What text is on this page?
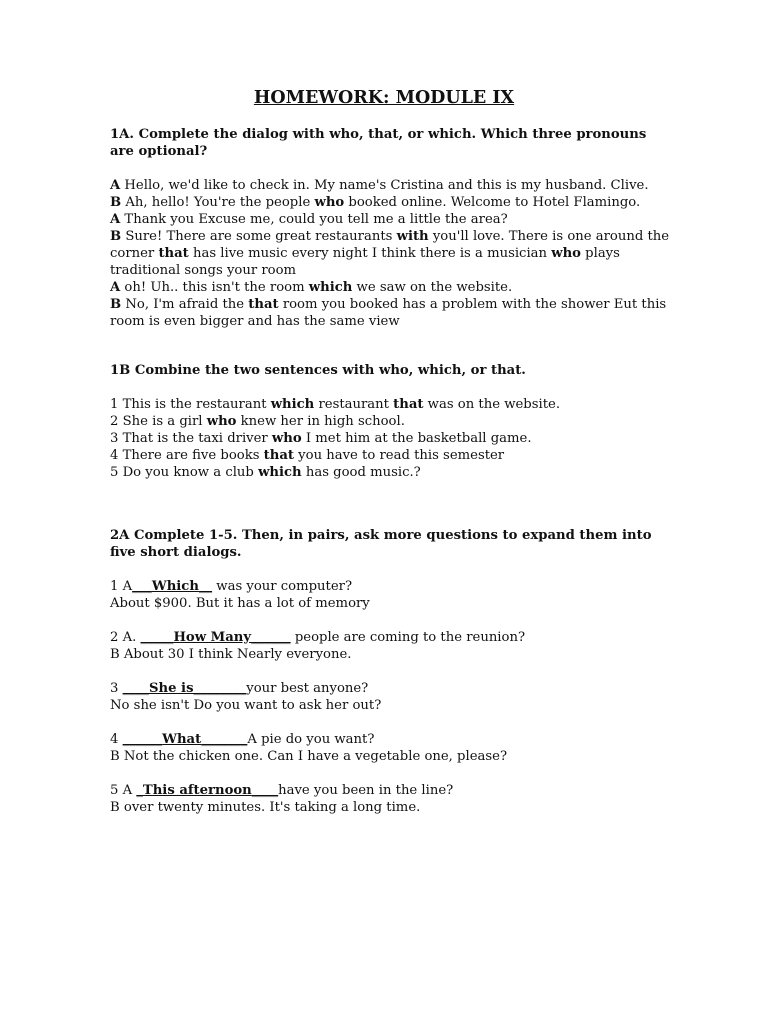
HOMEWORK: MODULE IX

1A. Complete the dialog with who, that, or which. Which three pronouns are optional?

A Hello, we'd like to check in. My name's Cristina and this is my husband. Clive.

B Ah, hello! You're the people who booked online. Welcome to Hotel Flamingo.

A Thank you Excuse me, could you tell me a little the area?

B Sure! There are some great restaurants with you'll love. There is one around the

corner that has live music every night I think there is a musician who plays

traditional songs your room

A oh! Uh.. this isn't the room which we saw on the website.

B No, I'm afraid the that room you booked has a problem with the shower Eut this

room is even bigger and has the same view

1B Combine the two sentences with who, which, or that.

1 This is the restaurant which restaurant that was on the website.

2 She is a girl who knew her in high school.

3 That is the taxi driver who I met him at the basketball game.

4 There are five books that you have to read this semester

5 Do you know a club which has good music.?

2A Complete 1-5. Then, in pairs, ask more questions to expand them into five short dialogs.

1 A___Which__ was your computer?

About $900. But it has a lot of memory

2 A. _____How Many______ people are coming to the reunion?

B About 30 I think Nearly everyone.

3 ____She is________your best anyone?

No she isn't Do you want to ask her out?

4 ______What_______A pie do you want?

B Not the chicken one. Can I have a vegetable one, please?

5 A _This afternoon____have you been in the line?

B over twenty minutes. It's taking a long time.
